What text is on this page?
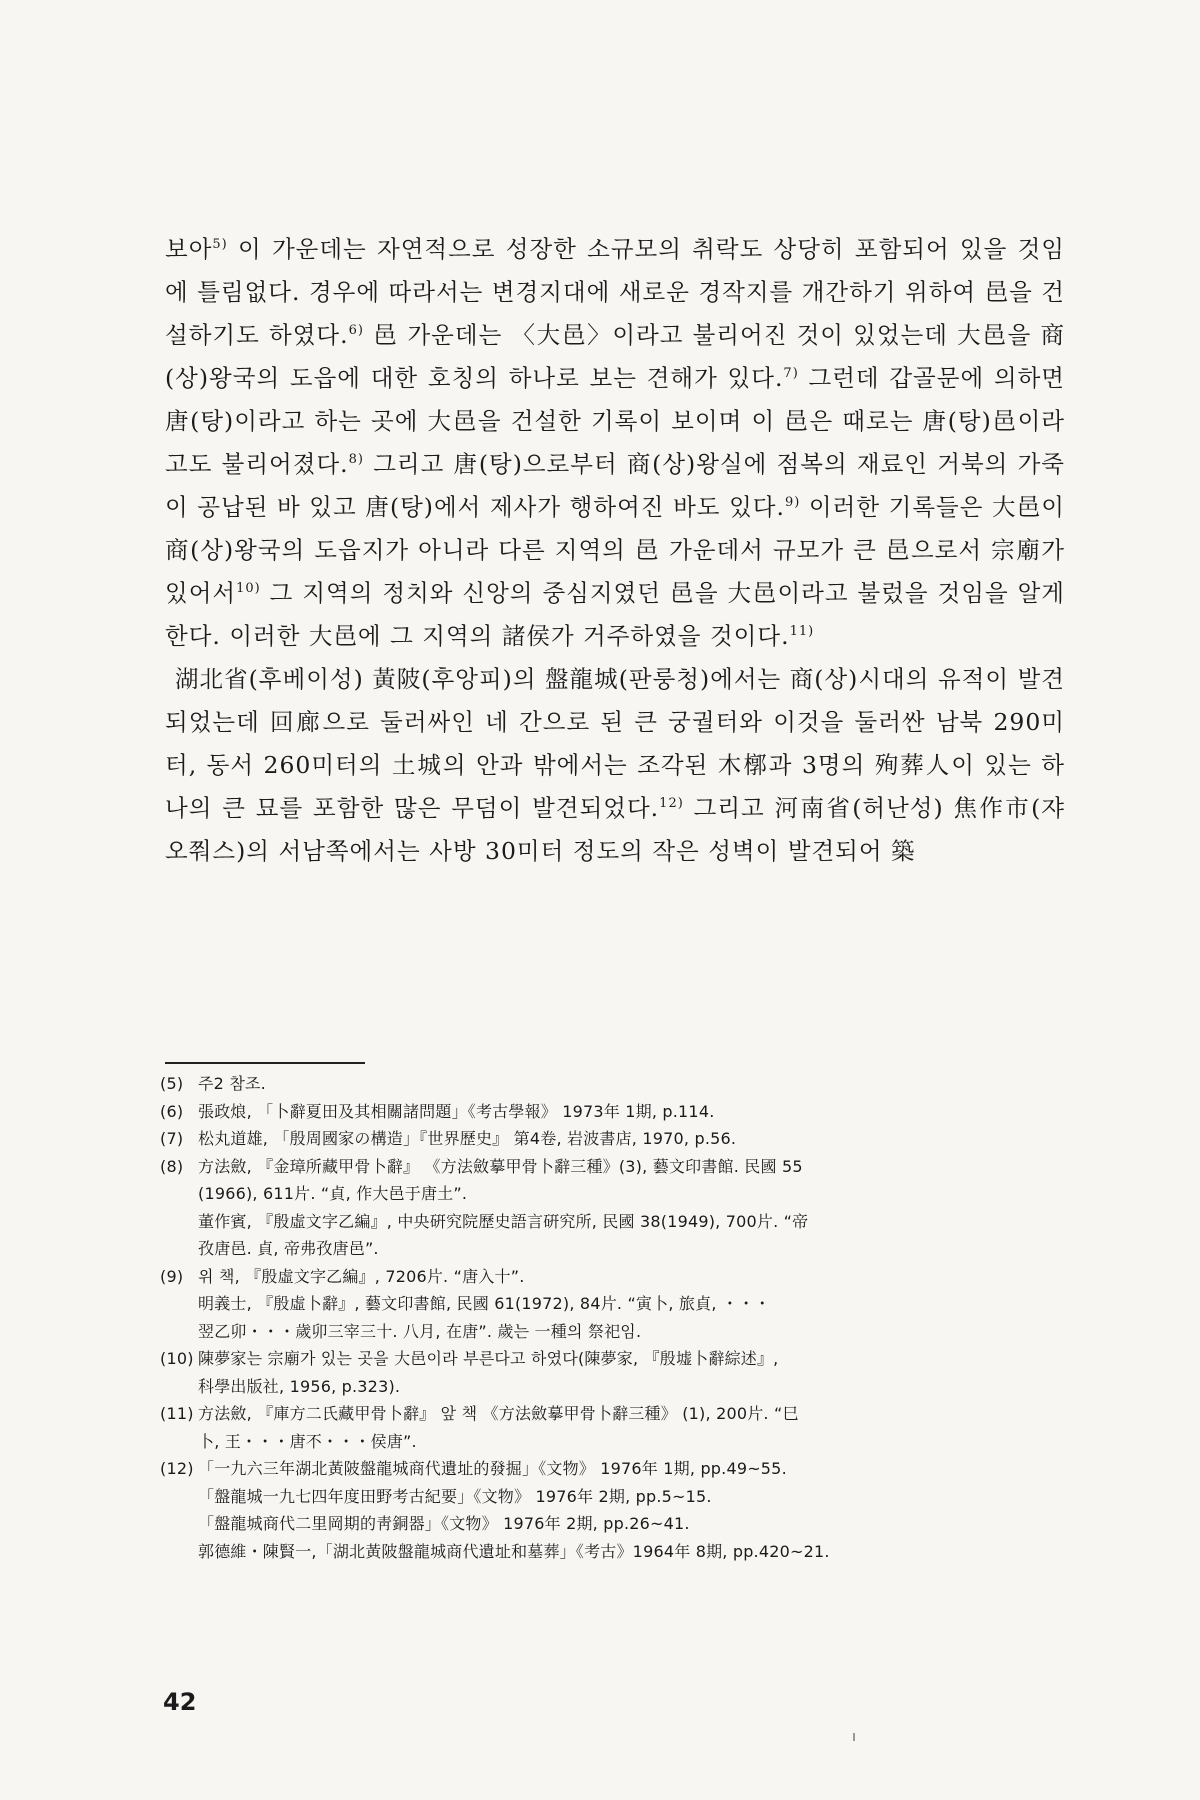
보아$^{5)}$ 이 가운데는 자연적으로 성장한 소규모의 취락도 상당히 포함되어 있을 것임에 틀림없다. 경우에 따라서는 변경지대에 새로운 경작지를 개간하기 위하여 邑을 건설하기도 하였다.$^{6)}$ 邑 가운데는 〈大邑〉이라고 불리어진 것이 있었는데 大邑을 商(상)왕국의 도읍에 대한 호칭의 하나로 보는 견해가 있다.$^{7)}$ 그런데 갑골문에 의하면 唐(탕)이라고 하는 곳에 大邑을 건설한 기록이 보이며 이 邑은 때로는 唐(탕)邑이라고도 불리어졌다.$^{8)}$ 그리고 唐(탕)으로부터 商(상)왕실에 점복의 재료인 거북의 가죽이 공납된 바 있고 唐(탕)에서 제사가 행하여진 바도 있다.$^{9)}$ 이러한 기록들은 大邑이 商(상)왕국의 도읍지가 아니라 다른 지역의 邑 가운데서 규모가 큰 邑으로서 宗廟가 있어서$^{10)}$ 그 지역의 정치와 신앙의 중심지였던 邑을 大邑이라고 불렀을 것임을 알게 한다. 이러한 大邑에 그 지역의 諸侯가 거주하였을 것이다.$^{11)}$

湖北省(후베이성) 黃陂(후앙피)의 盤龍城(판룽청)에서는 商(상)시대의 유적이 발견되었는데 回廊으로 둘러싸인 네 간으로 된 큰 궁궐터와 이것을 둘러싼 남북 290미터, 동서 260미터의 土城의 안과 밖에서는 조각된 木槨과 3명의 殉葬人이 있는 하나의 큰 묘를 포함한 많은 무덤이 발견되었다.$^{12)}$ 그리고 河南省(허난성) 焦作市(쟈오쭤스)의 서남쪽에서는 사방 30미터 정도의 작은 성벽이 발견되어 築

(5) 주2 참조.
(6) 張政烺, 「卜辭夏田及其相關諸問題」《考古學報》 1973年 1期, p.114.
(7) 松丸道雄, 「殷周國家の構造」『世界歷史』 第4卷, 岩波書店, 1970, p.56.
(8) 方法斂, 『金璋所藏甲骨卜辭』 《方法斂摹甲骨卜辭三種》(3), 藝文印書館. 民國 55
(1966), 611片. “貞, 作大邑于唐土”.
董作賓, 『殷虛文字乙編』, 中央硏究院歷史語言硏究所, 民國 38(1949), 700片. “帝
孜唐邑. 貞, 帝弗孜唐邑”.
(9) 위 책, 『殷虛文字乙編』, 7206片. “唐入十”.
明義士, 『殷虛卜辭』, 藝文印書館, 民國 61(1972), 84片. “寅卜, 旅貞, ・・・
翌乙卯・・・歲卯三宰三十. 八月, 在唐”. 歲는 一種의 祭祀임.
(10) 陳夢家는 宗廟가 있는 곳을 大邑이라 부른다고 하였다(陳夢家, 『殷墟卜辭綜述』,
科學出版社, 1956, p.323).
(11) 方法斂, 『庫方二氏藏甲骨卜辭』 앞 책 《方法斂摹甲骨卜辭三種》 (1), 200片. “巳
卜, 王・・・唐不・・・侯唐”.
(12) 「一九六三年湖北黃陂盤龍城商代遺址的發掘」《文物》 1976年 1期, pp.49~55.
「盤龍城一九七四年度田野考古紀要」《文物》 1976年 2期, pp.5~15.
「盤龍城商代二里岡期的靑銅器」《文物》 1976年 2期, pp.26~41.
郭德維・陳賢一,「湖北黃陂盤龍城商代遺址和墓葬」《考古》1964年 8期, pp.420~21.
42
